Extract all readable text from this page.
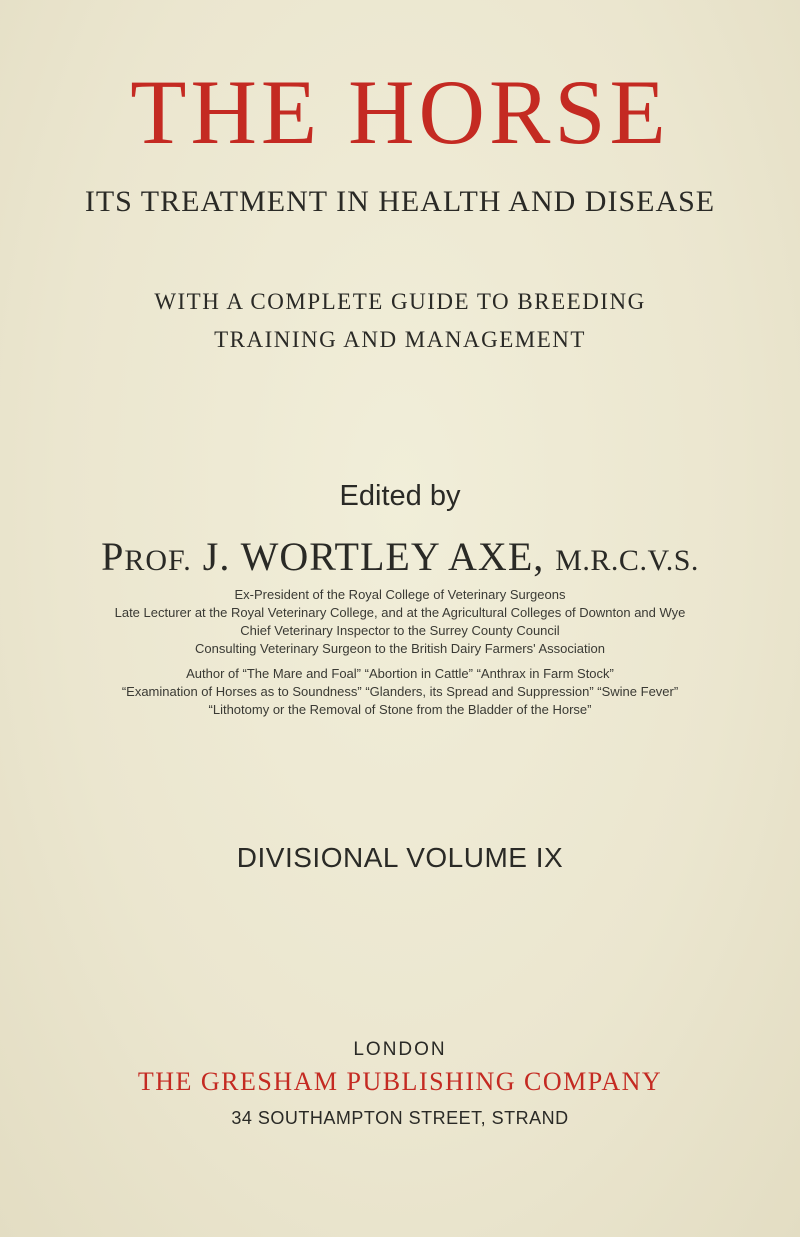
THE HORSE
ITS TREATMENT IN HEALTH AND DISEASE
WITH A COMPLETE GUIDE TO BREEDING
TRAINING AND MANAGEMENT
Edited by
PROF. J. WORTLEY AXE, M.R.C.V.S.
Ex-President of the Royal College of Veterinary Surgeons
Late Lecturer at the Royal Veterinary College, and at the Agricultural Colleges of Downton and Wye
Chief Veterinary Inspector to the Surrey County Council
Consulting Veterinary Surgeon to the British Dairy Farmers' Association
Author of “The Mare and Foal” “Abortion in Cattle” “Anthrax in Farm Stock”
“Examination of Horses as to Soundness” “Glanders, its Spread and Suppression” “Swine Fever”
“Lithotomy or the Removal of Stone from the Bladder of the Horse”
DIVISIONAL VOLUME IX
LONDON
THE GRESHAM PUBLISHING COMPANY
34 SOUTHAMPTON STREET, STRAND
